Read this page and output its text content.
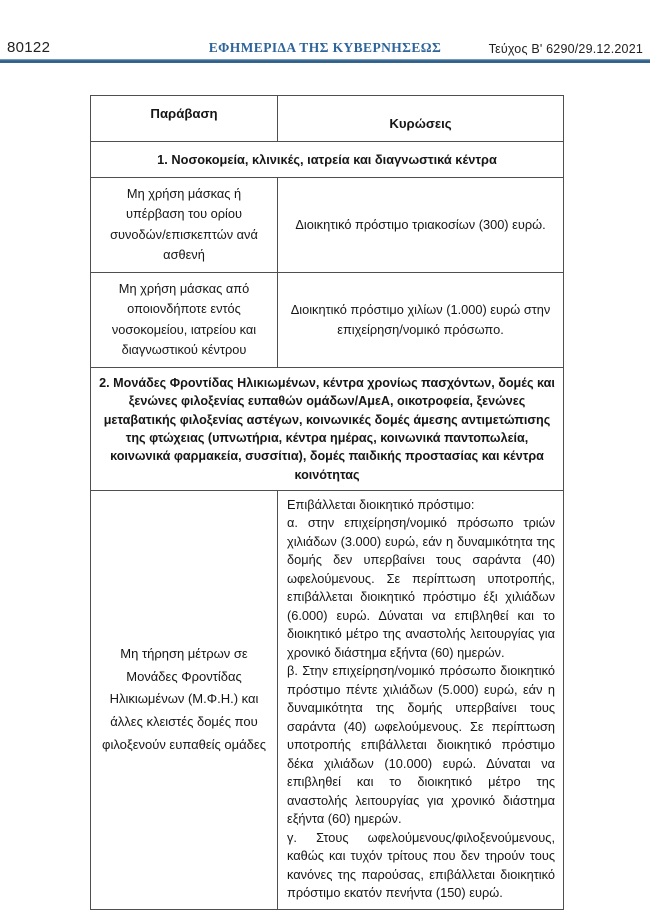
80122	ΕΦΗΜΕΡΙΔΑ ΤΗΣ ΚΥΒΕΡΝΗΣΕΩΣ	Τεύχος Β' 6290/29.12.2021
Παράβαση	Κυρώσεις
1. Νοσοκομεία, κλινικές, ιατρεία και διαγνωστικά κέντρα	
Μη χρήση μάσκας ή υπέρβαση του ορίου συνοδών/επισκεπτών ανά ασθενή	Διοικητικό πρόστιμο τριακοσίων (300) ευρώ.
Μη χρήση μάσκας από οποιονδήποτε εντός νοσοκομείου, ιατρείου και διαγνωστικού κέντρου	Διοικητικό πρόστιμο χιλίων (1.000) ευρώ στην επιχείρηση/νομικό πρόσωπο.
2. Μονάδες Φροντίδας Ηλικιωμένων, κέντρα χρονίως πασχόντων, δομές και ξενώνες φιλοξενίας ευπαθών ομάδων/ΑμεΑ, οικοτροφεία, ξενώνες μεταβατικής φιλοξενίας αστέγων, κοινωνικές δομές άμεσης αντιμετώπισης της φτώχειας (υπνωτήρια, κέντρα ημέρας, κοινωνικά παντοπωλεία, κοινωνικά φαρμακεία, συσσίτια), δομές παιδικής προστασίας και κέντρα κοινότητας	
Μη τήρηση μέτρων σε Μονάδες Φροντίδας Ηλικιωμένων (Μ.Φ.Η.) και άλλες κλειστές δομές που φιλοξενούν ευπαθείς ομάδες	Επιβάλλεται διοικητικό πρόστιμο:

α. στην επιχείρηση/νομικό πρόσωπο τριών χιλιάδων (3.000) ευρώ, εάν η δυναμικότητα της δομής δεν υπερβαίνει τους σαράντα (40) ωφελούμενους. Σε περίπτωση υποτροπής, επιβάλλεται διοικητικό πρόστιμο έξι χιλιάδων (6.000) ευρώ. Δύναται να επιβληθεί και το διοικητικό μέτρο της αναστολής λειτουργίας για χρονικό διάστημα εξήντα (60) ημερών.

β. Στην επιχείρηση/νομικό πρόσωπο διοικητικό πρόστιμο πέντε χιλιάδων (5.000) ευρώ, εάν η δυναμικότητα της δομής υπερβαίνει τους σαράντα (40) ωφελούμενους. Σε περίπτωση υποτροπής επιβάλλεται διοικητικό πρόστιμο δέκα χιλιάδων (10.000) ευρώ. Δύναται να επιβληθεί και το διοικητικό μέτρο της αναστολής λειτουργίας για χρονικό διάστημα εξήντα (60) ημερών.

γ. Στους ωφελούμενους/φιλοξενούμενους, καθώς και τυχόν τρίτους που δεν τηρούν τους κανόνες της παρούσας, επιβάλλεται διοικητικό πρόστιμο εκατόν πενήντα (150) ευρώ.
